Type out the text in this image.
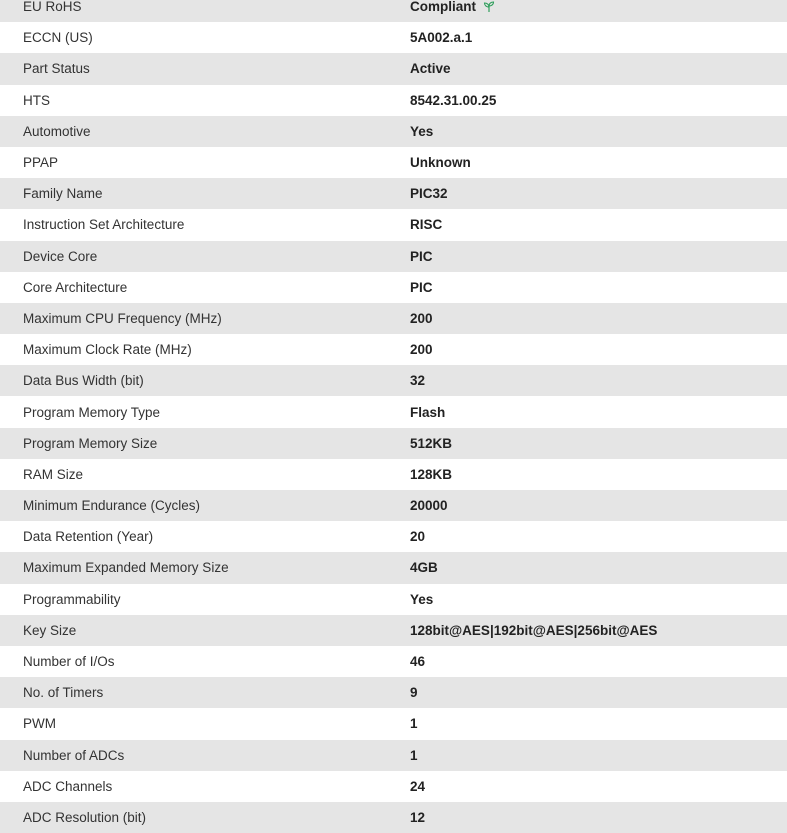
EU RoHS	Compliant
ECCN (US)	5A002.a.1
Part Status	Active
HTS	8542.31.00.25
Automotive	Yes
PPAP	Unknown
Family Name	PIC32
Instruction Set Architecture	RISC
Device Core	PIC
Core Architecture	PIC
Maximum CPU Frequency (MHz)	200
Maximum Clock Rate (MHz)	200
Data Bus Width (bit)	32
Program Memory Type	Flash
Program Memory Size	512KB
RAM Size	128KB
Minimum Endurance (Cycles)	20000
Data Retention (Year)	20
Maximum Expanded Memory Size	4GB
Programmability	Yes
Key Size	128bit@AES|192bit@AES|256bit@AES
Number of I/Os	46
No. of Timers	9
PWM	1
Number of ADCs	1
ADC Channels	24
ADC Resolution (bit)	12
